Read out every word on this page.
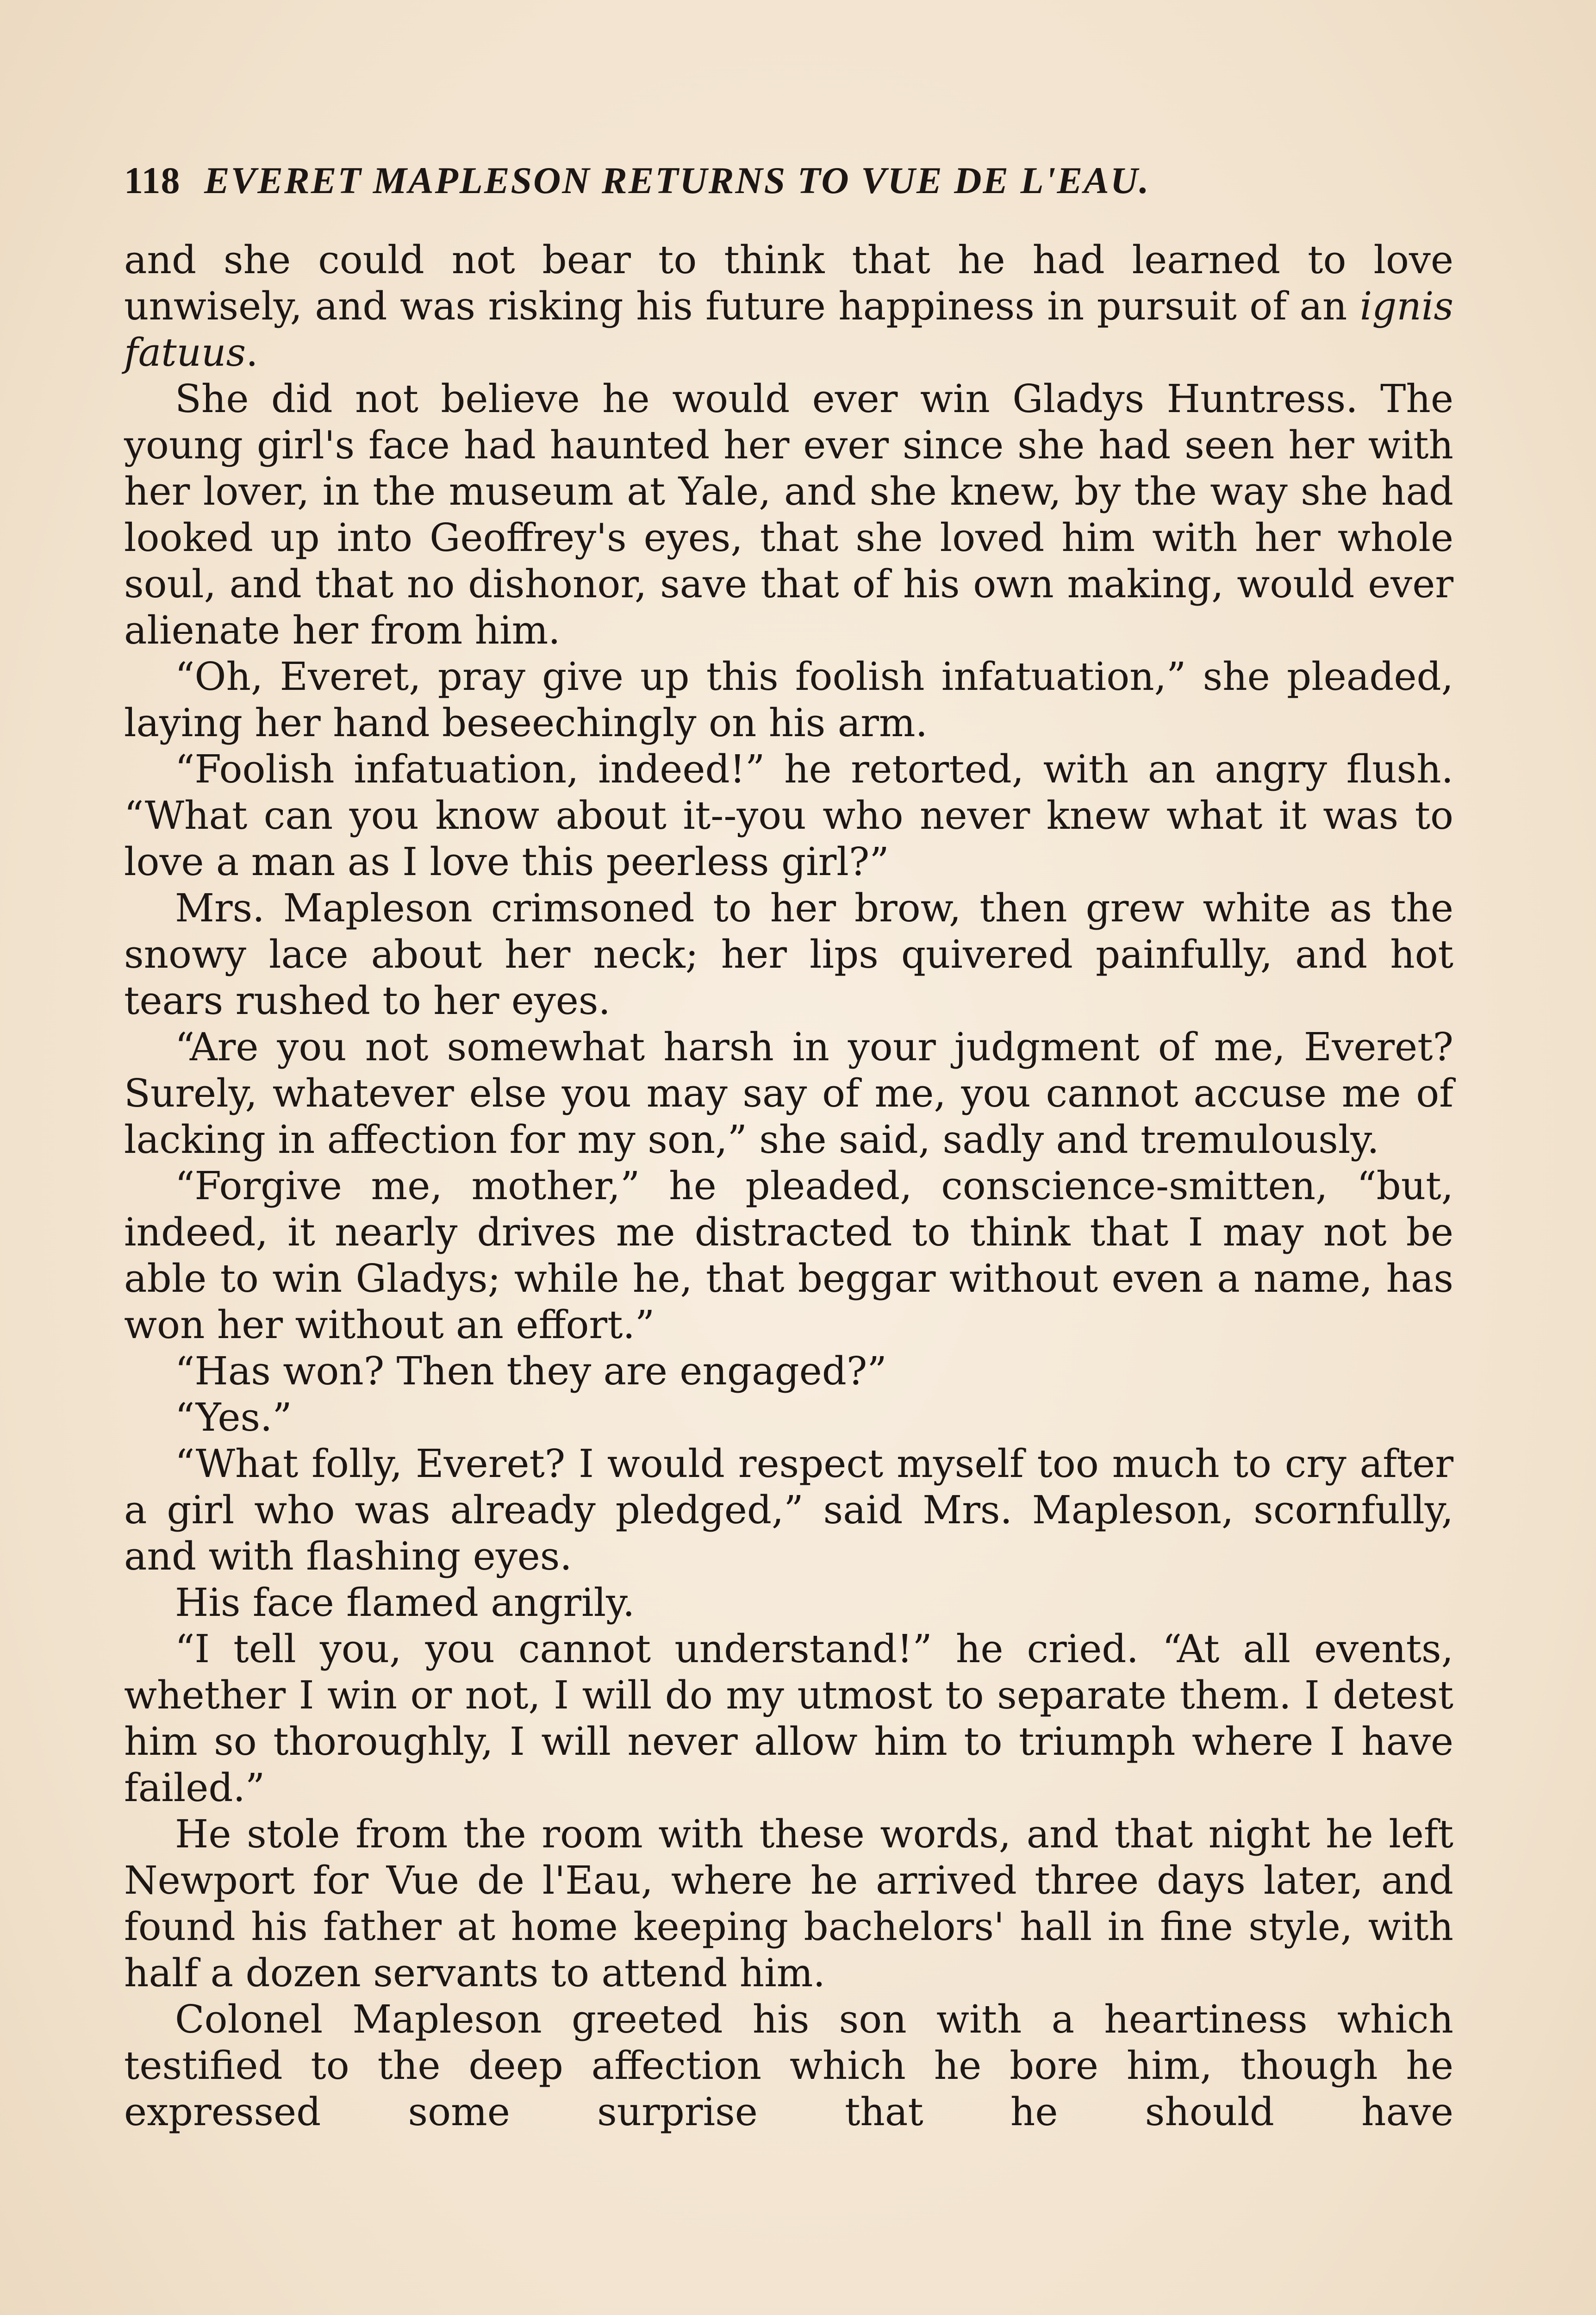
118 EVERET MAPLESON RETURNS TO VUE DE L'EAU.

and she could not bear to think that he had learned to love unwisely, and was risking his future happiness in pursuit of an ignis fatuus.

She did not believe he would ever win Gladys Huntress. The young girl's face had haunted her ever since she had seen her with her lover, in the museum at Yale, and she knew, by the way she had looked up into Geoffrey's eyes, that she loved him with her whole soul, and that no dishonor, save that of his own making, would ever alienate her from him.

“Oh, Everet, pray give up this foolish infatuation,” she pleaded, laying her hand beseechingly on his arm.

“Foolish infatuation, indeed!” he retorted, with an angry flush. “What can you know about it--you who never knew what it was to love a man as I love this peerless girl?”

Mrs. Mapleson crimsoned to her brow, then grew white as the snowy lace about her neck; her lips quivered painfully, and hot tears rushed to her eyes.

“Are you not somewhat harsh in your judgment of me, Everet? Surely, whatever else you may say of me, you cannot accuse me of lacking in affection for my son,” she said, sadly and tremulously.

“Forgive me, mother,” he pleaded, conscience-smitten, “but, indeed, it nearly drives me distracted to think that I may not be able to win Gladys; while he, that beggar without even a name, has won her without an effort.”

“Has won? Then they are engaged?”

“Yes.”

“What folly, Everet? I would respect myself too much to cry after a girl who was already pledged,” said Mrs. Mapleson, scornfully, and with flashing eyes.

His face flamed angrily.

“I tell you, you cannot understand!” he cried. “At all events, whether I win or not, I will do my utmost to separate them. I detest him so thoroughly, I will never allow him to triumph where I have failed.”

He stole from the room with these words, and that night he left Newport for Vue de l'Eau, where he arrived three days later, and found his father at home keeping bachelors' hall in fine style, with half a dozen servants to attend him.

Colonel Mapleson greeted his son with a heartiness which testified to the deep affection which he bore him, though he expressed some surprise that he should have
